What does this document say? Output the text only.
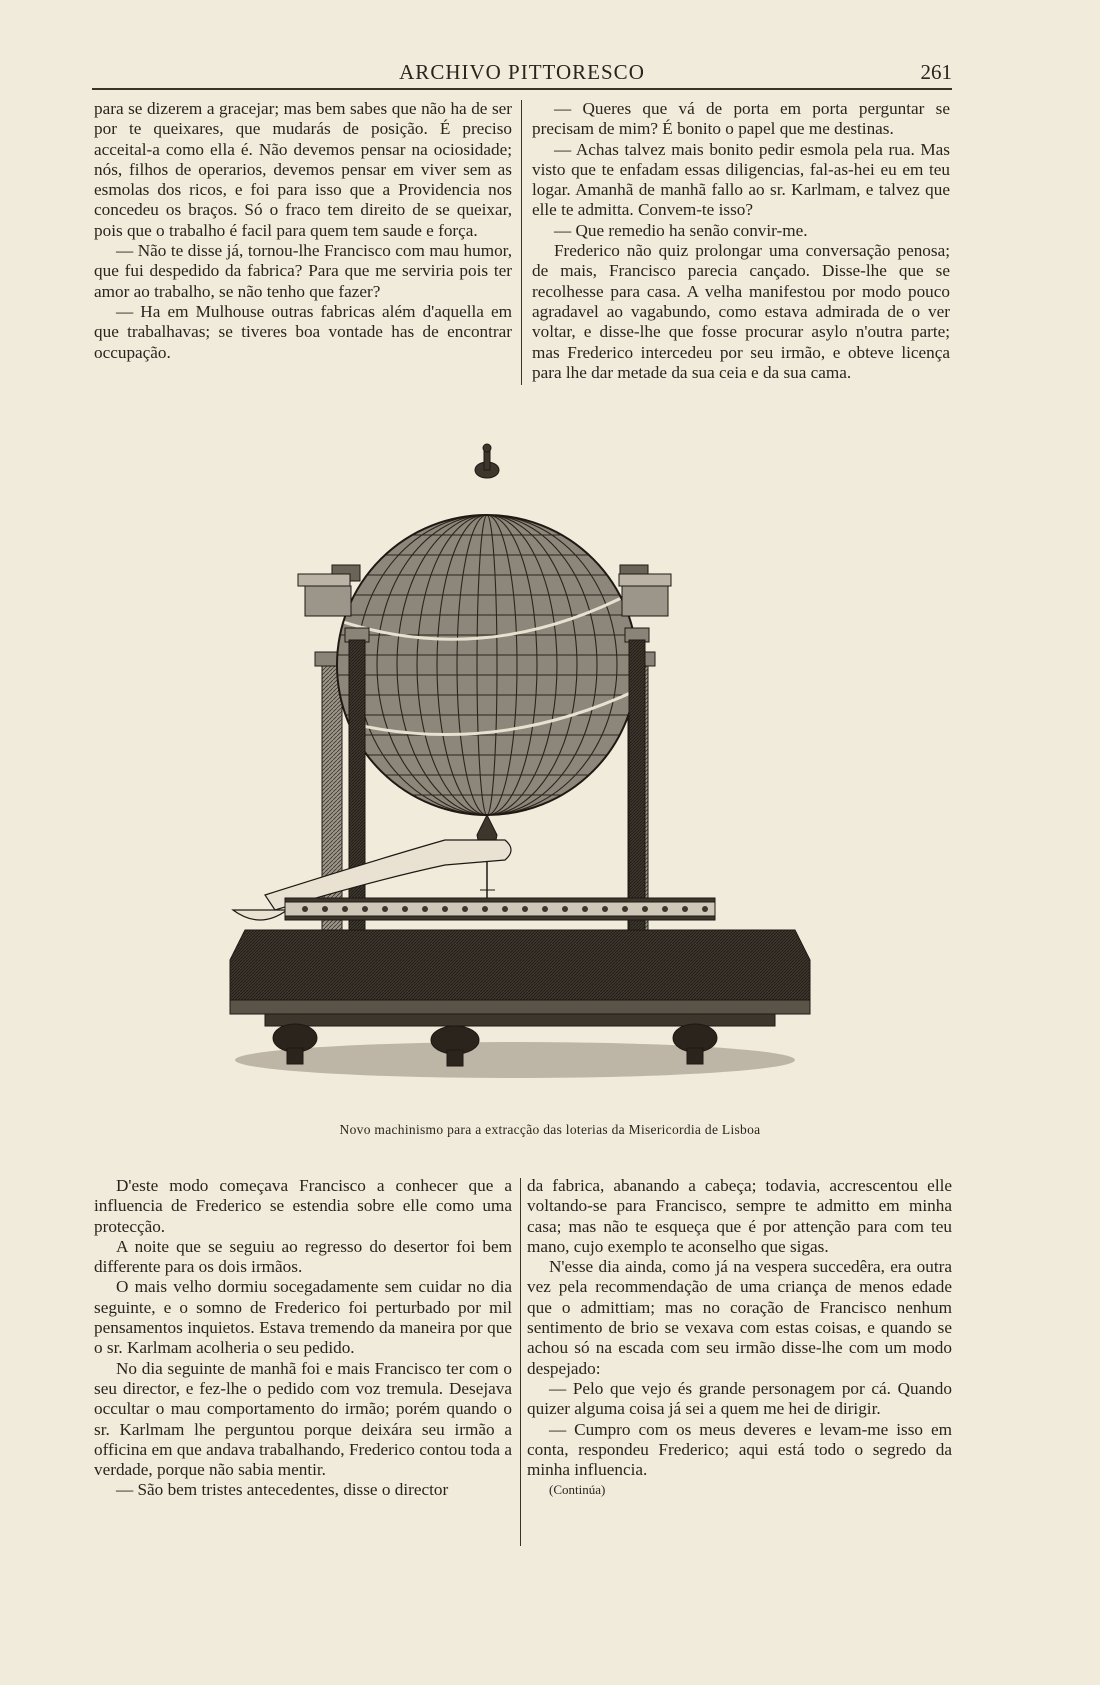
ARCHIVO PITTORESCO	261

para se dizerem a gracejar; mas bem sabes que não ha de ser por te queixares, que mudarás de posição. É preciso acceital-a como ella é. Não devemos pensar na ociosidade; nós, filhos de operarios, devemos pensar em viver sem as esmolas dos ricos, e foi para isso que a Providencia nos concedeu os braços. Só o fraco tem direito de se queixar, pois que o trabalho é facil para quem tem saude e força.

— Não te disse já, tornou-lhe Francisco com mau humor, que fui despedido da fabrica? Para que me serviria pois ter amor ao trabalho, se não tenho que fazer?

— Ha em Mulhouse outras fabricas além d'aquella em que trabalhavas; se tiveres boa vontade has de encontrar occupação.

— Queres que vá de porta em porta perguntar se precisam de mim? É bonito o papel que me destinas.

— Achas talvez mais bonito pedir esmola pela rua. Mas visto que te enfadam essas diligencias, fal-as-hei eu em teu logar. Amanhã de manhã fallo ao sr. Karlmam, e talvez que elle te admitta. Convem-te isso?

— Que remedio ha senão convir-me.

Frederico não quiz prolongar uma conversação penosa; de mais, Francisco parecia cançado. Disse-lhe que se recolhesse para casa. A velha manifestou por modo pouco agradavel ao vagabundo, como estava admirada de o ver voltar, e disse-lhe que fosse procurar asylo n'outra parte; mas Frederico intercedeu por seu irmão, e obteve licença para lhe dar metade da sua ceia e da sua cama.

Novo machinismo para a extracção das loterias da Misericordia de Lisboa

D'este modo começava Francisco a conhecer que a influencia de Frederico se estendia sobre elle como uma protecção.

A noite que se seguiu ao regresso do desertor foi bem differente para os dois irmãos.

O mais velho dormiu socegadamente sem cuidar no dia seguinte, e o somno de Frederico foi perturbado por mil pensamentos inquietos. Estava tremendo da maneira por que o sr. Karlmam acolheria o seu pedido.

No dia seguinte de manhã foi e mais Francisco ter com o seu director, e fez-lhe o pedido com voz tremula. Desejava occultar o mau comportamento do irmão; porém quando o sr. Karlmam lhe perguntou porque deixára seu irmão a officina em que andava trabalhando, Frederico contou toda a verdade, porque não sabia mentir.

— São bem tristes antecedentes, disse o director

da fabrica, abanando a cabeça; todavia, accrescentou elle voltando-se para Francisco, sempre te admitto em minha casa; mas não te esqueça que é por attenção para com teu mano, cujo exemplo te aconselho que sigas.

N'esse dia ainda, como já na vespera succedêra, era outra vez pela recommendação de uma criança de menos edade que o admittiam; mas no coração de Francisco nenhum sentimento de brio se vexava com estas coisas, e quando se achou só na escada com seu irmão disse-lhe com um modo despejado:

— Pelo que vejo és grande personagem por cá. Quando quizer alguma coisa já sei a quem me hei de dirigir.

— Cumpro com os meus deveres e levam-me isso em conta, respondeu Frederico; aqui está todo o segredo da minha influencia.

(Continúa)
